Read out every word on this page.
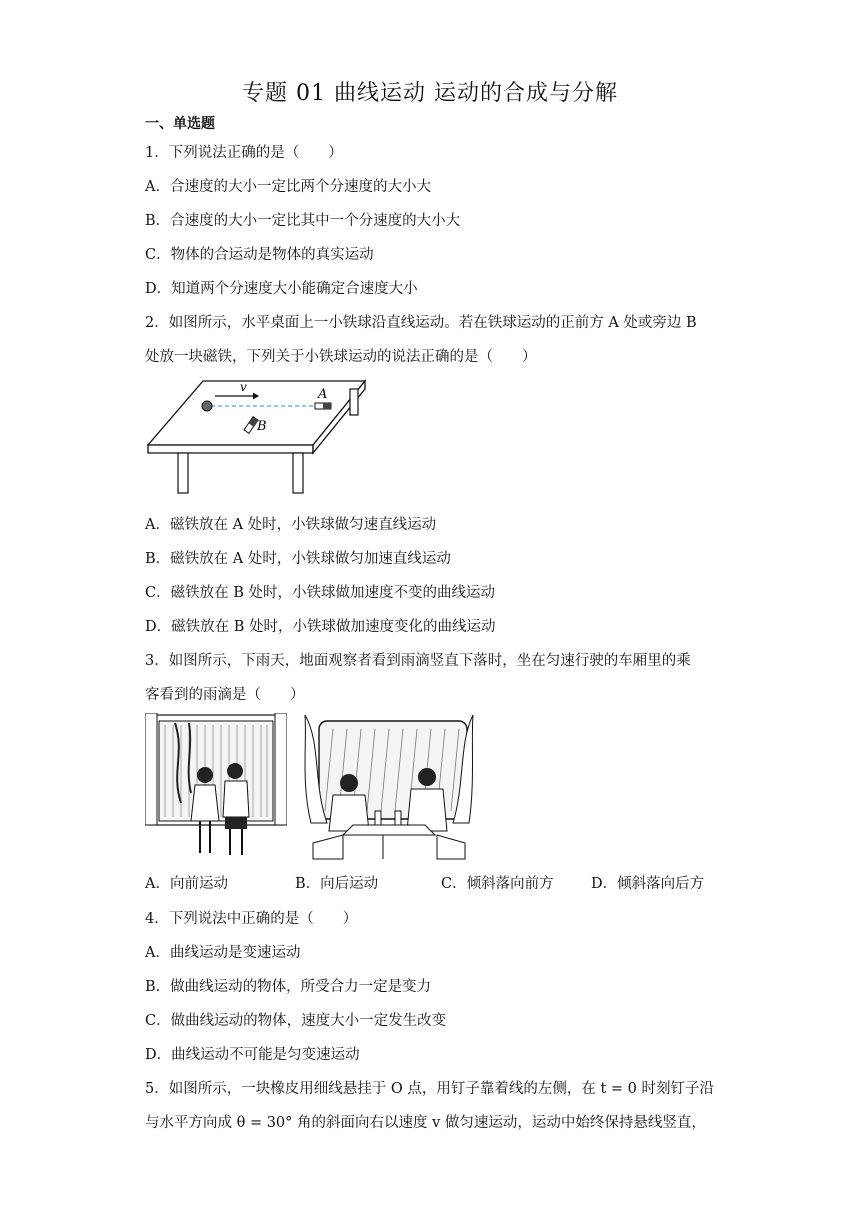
专题 01 曲线运动 运动的合成与分解
一、单选题
1．下列说法正确的是（　　）
A．合速度的大小一定比两个分速度的大小大
B．合速度的大小一定比其中一个分速度的大小大
C．物体的合运动是物体的真实运动
D．知道两个分速度大小能确定合速度大小
2．如图所示，水平桌面上一小铁球沿直线运动。若在铁球运动的正前方 A 处或旁边 B
处放一块磁铁，下列关于小铁球运动的说法正确的是（　　）
v	A
B
A．磁铁放在 A 处时，小铁球做匀速直线运动
B．磁铁放在 A 处时，小铁球做匀加速直线运动
C．磁铁放在 B 处时，小铁球做加速度不变的曲线运动
D．磁铁放在 B 处时，小铁球做加速度变化的曲线运动
3．如图所示，下雨天，地面观察者看到雨滴竖直下落时，坐在匀速行驶的车厢里的乘
客看到的雨滴是（　　）
A．向前运动	B．向后运动	C．倾斜落向前方	D．倾斜落向后方
4．下列说法中正确的是（　　）
A．曲线运动是变速运动
B．做曲线运动的物体，所受合力一定是变力
C．做曲线运动的物体，速度大小一定发生改变
D．曲线运动不可能是匀变速运动
5．如图所示，一块橡皮用细线悬挂于 O 点，用钉子靠着线的左侧，在 t = 0 时刻钉子沿
与水平方向成 θ = 30° 角的斜面向右以速度 v 做匀速运动，运动中始终保持悬线竖直，
